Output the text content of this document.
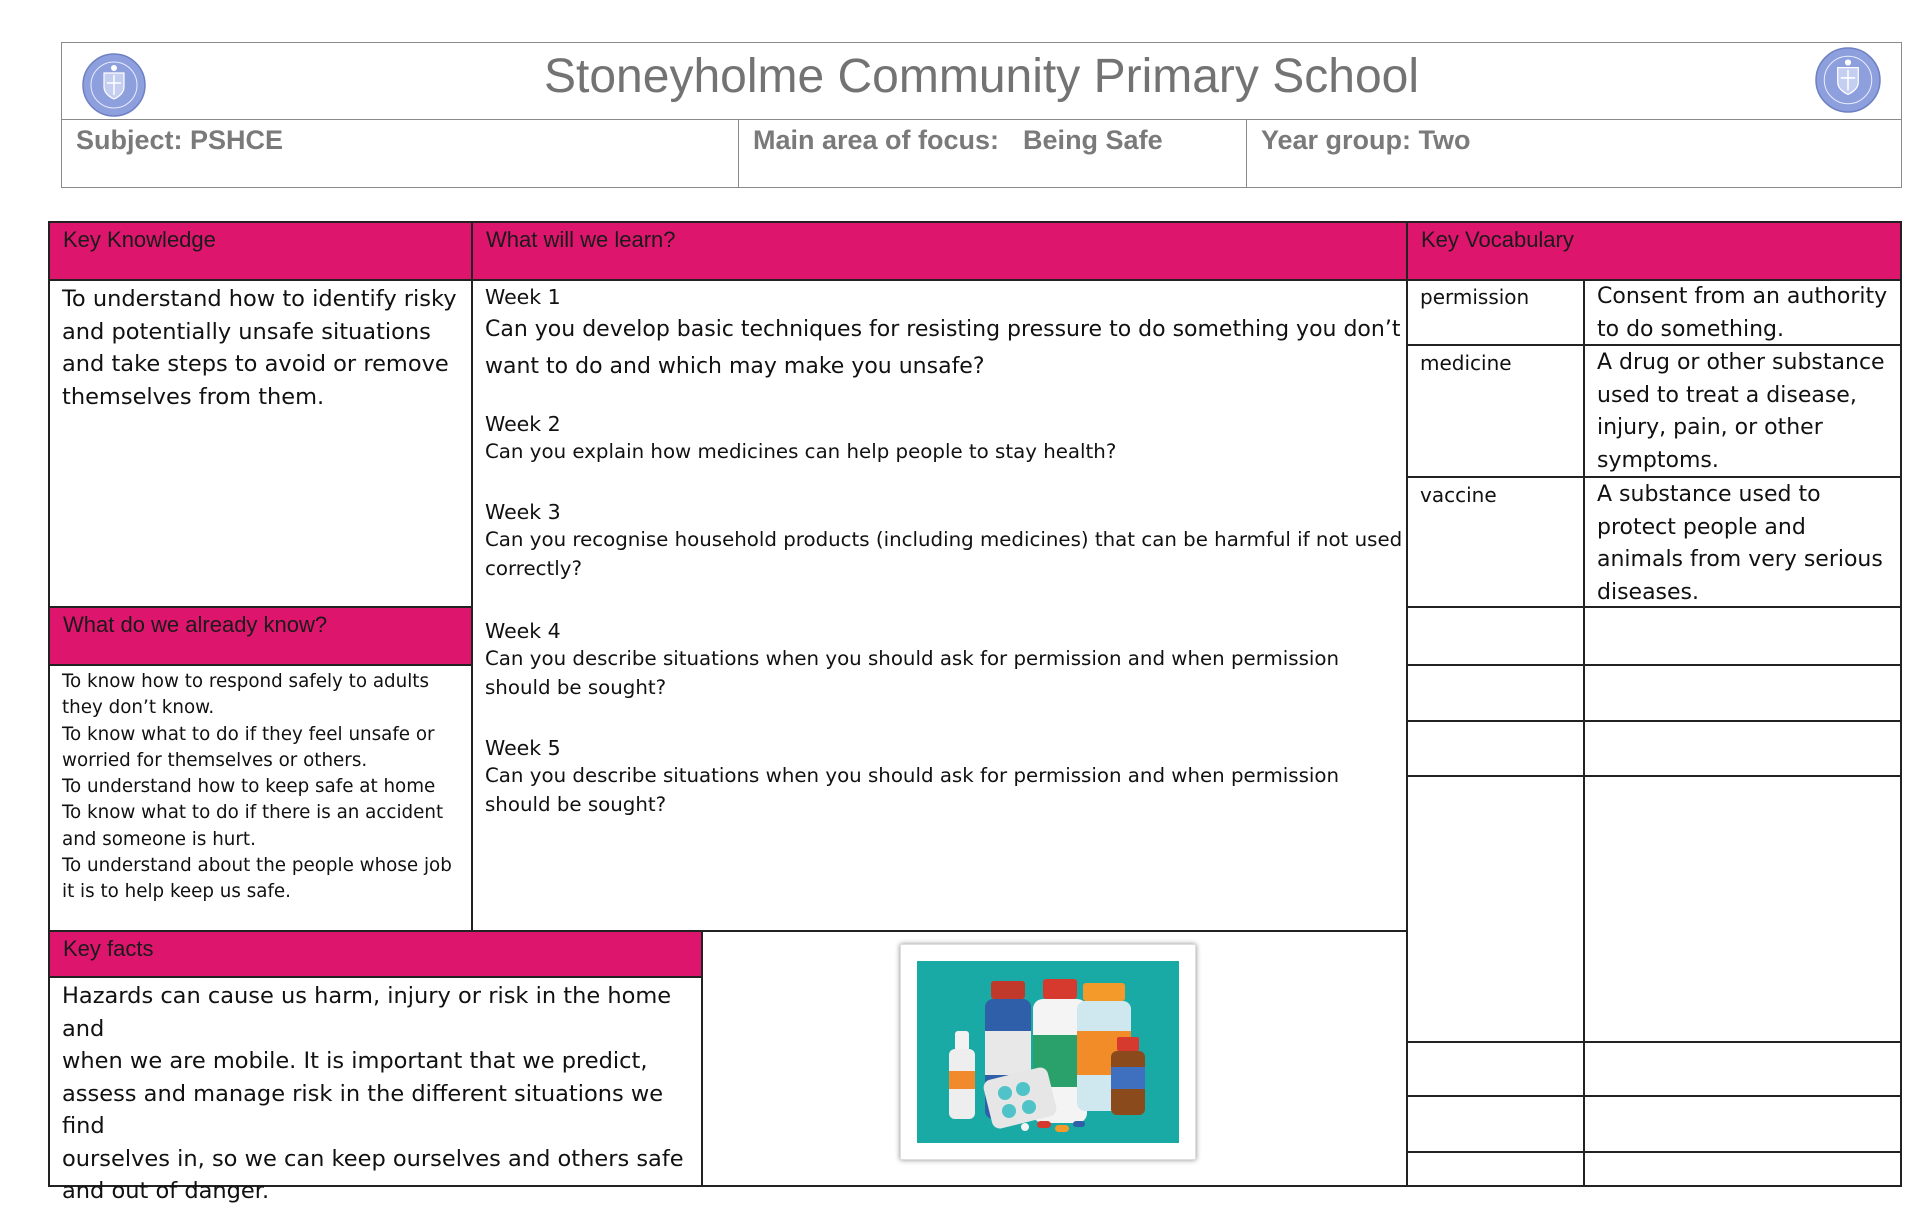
Stoneyholme Community Primary School
Subject: PSHCE	Main area of focus: Being Safe	Year group: Two
Key Knowledge	What will we learn?	Key Vocabulary
What do we already know?
Key facts
To understand how to identify risky
and potentially unsafe situations
and take steps to avoid or remove
themselves from them.
To know how to respond safely to adults
they don’t know.
To know what to do if they feel unsafe or
worried for themselves or others.
To understand how to keep safe at home
To know what to do if there is an accident
and someone is hurt.
To understand about the people whose job
it is to help keep us safe.
Week 1
Can you develop basic techniques for resisting pressure to do something you don’t
want to do and which may make you unsafe?
Week 2
Can you explain how medicines can help people to stay health?
Week 3
Can you recognise household products (including medicines) that can be harmful if not used
correctly?
Week 4
Can you describe situations when you should ask for permission and when permission
should be sought?
Week 5
Can you describe situations when you should ask for permission and when permission
should be sought?
permission	Consent from an authority
to do something.
medicine	A drug or other substance
used to treat a disease,
injury, pain, or other
symptoms.
vaccine	A substance used to
protect people and
animals from very serious
diseases.
Hazards can cause us harm, injury or risk in the home and
when we are mobile. It is important that we predict,
assess and manage risk in the different situations we find
ourselves in, so we can keep ourselves and others safe
and out of danger.
